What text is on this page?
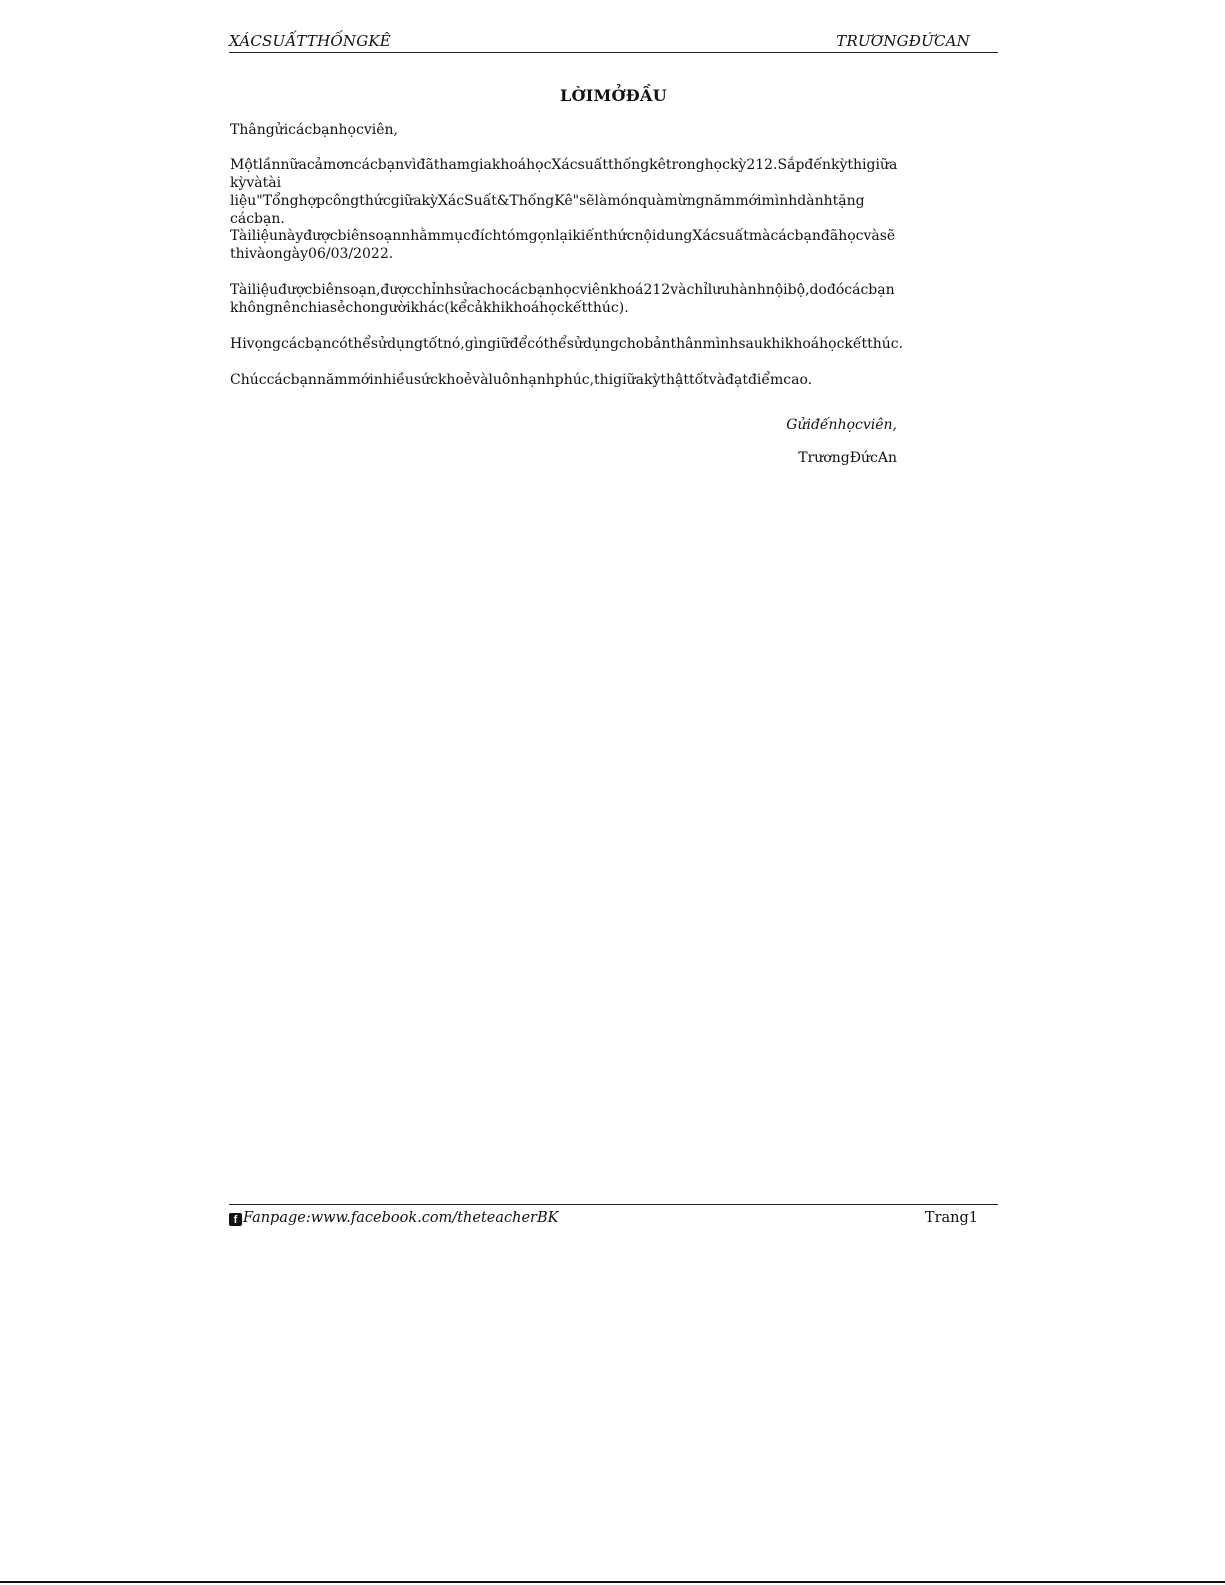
XÁCSUẤTTHỐNGKÊ	TRƯƠNGĐỨCAN
LỜIMỞĐẦU

Thângửicácbạnhọcviên,

MộtlầnnữacảmơncácbạnvìđãthamgiakhoáhọcXácsuấtthốngkêtronghọckỳ212.Sắpđếnkỳthigiữa kỳvàtài liệu"TổnghợpcôngthứcgiữakỳXácSuất&ThốngKê"sẽlàmónquàmừngnămmớimìnhdànhtặng cácbạn.

TàiliệunàyđượcbiênsoạnnhằmmụcđíchtómgọnlạikiếnthứcnộidungXácsuấtmàcácbạnđãhọcvàsẽ thivàongày06/03/2022.

Tàiliệuđượcbiênsoạn,đượcchỉnhsửachocácbạnhọcviênkhoá212vàchỉlưuhànhnộibộ,dođócácbạn khôngnênchiasẻchongườikhác(kểcảkhikhoáhọckếtthúc).

Hivọngcácbạncóthểsửdụngtốtnó,gìngiữđểcóthểsửdụngchobảnthânmìnhsaukhikhoáhọckếtthúc.

Chúccácbạnnămmớinhiềusứckhoẻvàluônhạnhphúc,thigiữakỳthậttốtvàđạtđiểmcao.

Gửiđếnhọcviên,
TrươngĐứcAn
f Fanpage:www.facebook.com/theteacherBK	Trang1
